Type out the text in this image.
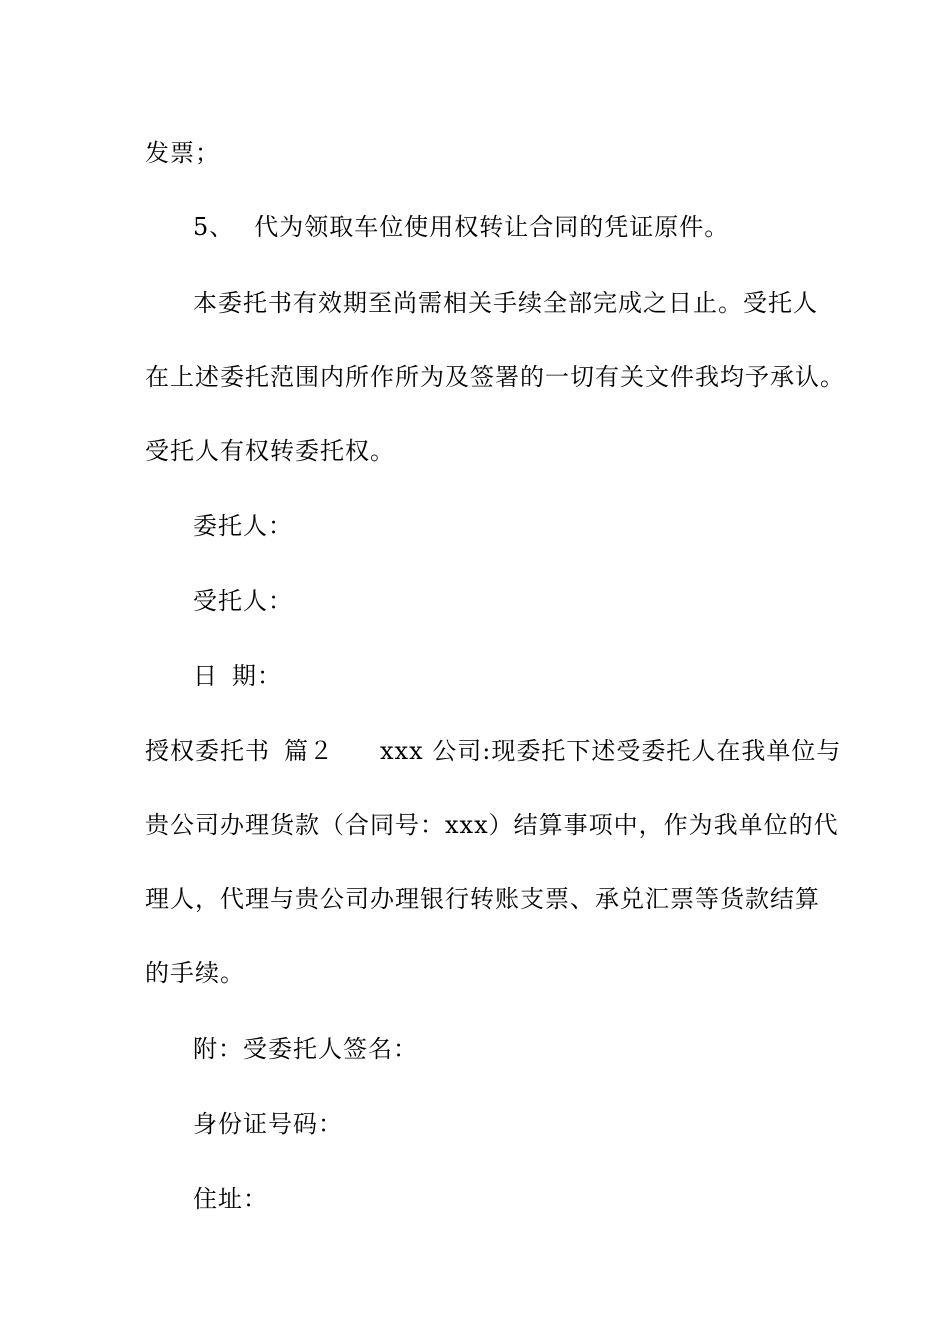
发票；
5、 代为领取车位使用权转让合同的凭证原件。
本委托书有效期至尚需相关手续全部完成之日止。受托人
在上述委托范围内所作所为及签署的一切有关文件我均予承认。
受托人有权转委托权。
委托人：
受托人：
日 期：
授权委托书 篇２ xxx 公司:现委托下述受委托人在我单位与
贵公司办理货款（合同号：xxx）结算事项中，作为我单位的代
理人，代理与贵公司办理银行转账支票、承兑汇票等货款结算
的手续。
附：受委托人签名：
身份证号码：
住址：
